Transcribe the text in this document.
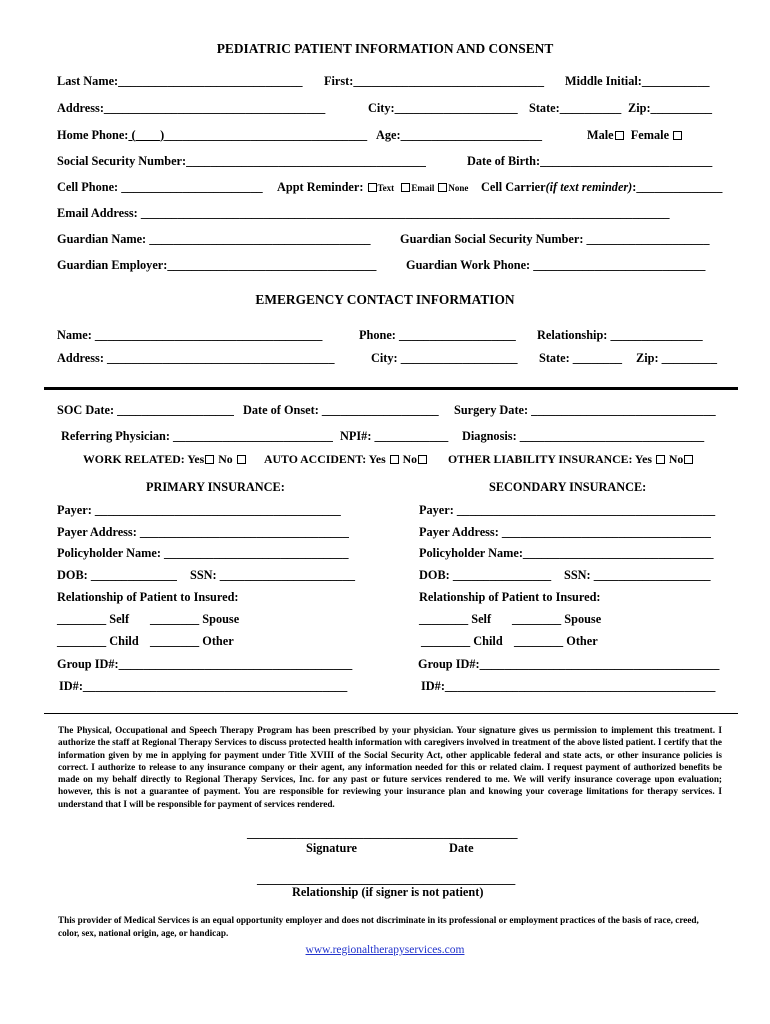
PEDIATRIC PATIENT INFORMATION AND CONSENT
Last Name:______________________________ First:_______________________________ Middle Initial:___________
Address:____________________________________	City:____________________ State:__________ Zip:__________
Home Phone: (____)_________________________________ Age:_______________________	Male Female
Social Security Number:_______________________________________	Date of Birth:____________________________
Cell Phone: _______________________ Appt Reminder: Text Email None Cell Carrier(if text reminder):______________
Email Address: ______________________________________________________________________________________
Guardian Name: ____________________________________ Guardian Social Security Number: ____________________
Guardian Employer:__________________________________ Guardian Work Phone: ____________________________
EMERGENCY CONTACT INFORMATION
Name: _____________________________________	Phone: ___________________ Relationship: _______________
Address: _____________________________________	City: ___________________ State: ________ Zip: _________
SOC Date: ___________________ Date of Onset: ___________________ Surgery Date: ______________________________
Referring Physician: __________________________ NPI#: ____________ Diagnosis: ______________________________
WORK RELATED: Yes No	AUTO ACCIDENT: Yes No	OTHER LIABILITY INSURANCE: Yes No
PRIMARY INSURANCE:	SECONDARY INSURANCE:
Payer: ________________________________________	Payer: __________________________________________
Payer Address: __________________________________	Payer Address: __________________________________
Policyholder Name: ______________________________	Policyholder Name:_______________________________
DOB: ______________ SSN: ______________________	DOB: ________________ SSN: ___________________
Relationship of Patient to Insured:	Relationship of Patient to Insured:
________ Self ________ Spouse	________ Self ________ Spouse
________ Child ________ Other	________ Child ________ Other
Group ID#:______________________________________	Group ID#:_______________________________________
ID#:___________________________________________	ID#:____________________________________________
The Physical, Occupational and Speech Therapy Program has been prescribed by your physician. Your signature gives us permission to implement this treatment. I authorize the staff at Regional Therapy Services to discuss protected health information with caregivers involved in treatment of the above listed patient. I certify that the information given by me in applying for payment under Title XVIII of the Social Security Act, other applicable federal and state acts, or other insurance policies is correct. I authorize to release to any insurance company or their agent, any information needed for this or related claim. I request payment of authorized benefits be made on my behalf directly to Regional Therapy Services, Inc. for any past or future services rendered to me. We will verify insurance coverage upon evaluation; however, this is not a guarantee of payment. You are responsible for reviewing your insurance plan and knowing your coverage limitations for therapy services. I understand that I will be responsible for payment of services rendered.
____________________________________________
Signature	Date
__________________________________________
Relationship (if signer is not patient)
This provider of Medical Services is an equal opportunity employer and does not discriminate in its professional or employment practices of the basis of race, creed, color, sex, national origin, age, or handicap.
www.regionaltherapyservices.com
